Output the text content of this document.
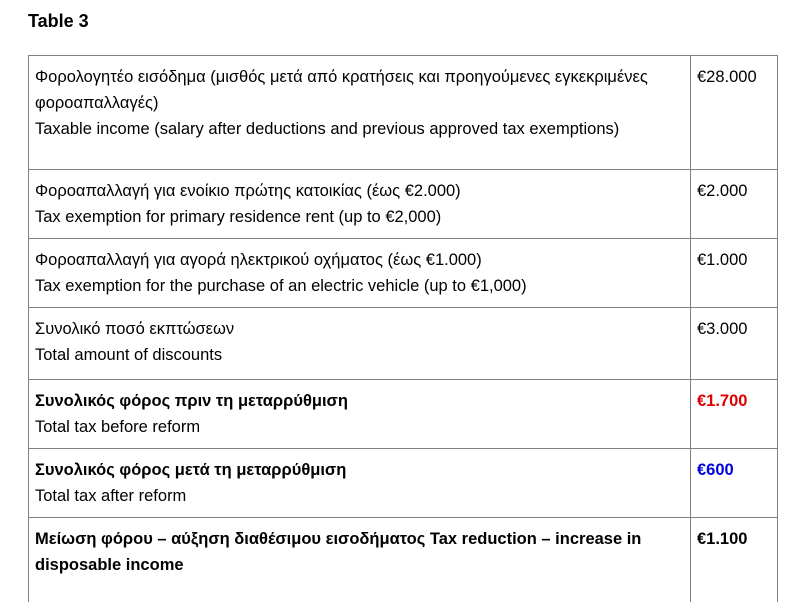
Table 3
Φορολογητέο εισόδημα (μισθός μετά από κρατήσεις και προηγούμενες εγκεκριμένες φοροαπαλλαγές)
Taxable income (salary after deductions and previous approved tax exemptions)	€28.000

Φοροαπαλλαγή για ενοίκιο πρώτης κατοικίας (έως €2.000)
Tax exemption for primary residence rent (up to €2,000)	€2.000

Φοροαπαλλαγή για αγορά ηλεκτρικού οχήματος (έως €1.000)
Tax exemption for the purchase of an electric vehicle (up to €1,000)	€1.000

Συνολικό ποσό εκπτώσεων
Total amount of discounts	€3.000

Συνολικός φόρος πριν τη μεταρρύθμιση
Total tax before reform	€1.700

Συνολικός φόρος μετά τη μεταρρύθμιση
Total tax after reform	€600

Μείωση φόρου – αύξηση διαθέσιμου εισοδήματος Tax reduction – increase in disposable income	€1.100
